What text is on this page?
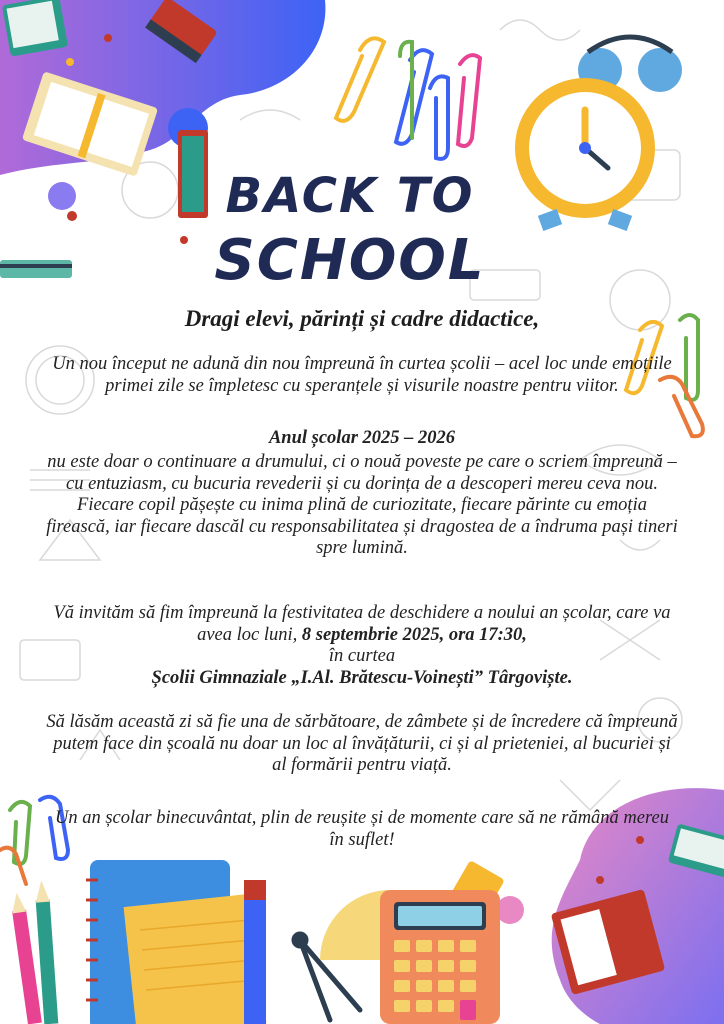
BACK TO
SCHOOL

Dragi elevi, părinți și cadre didactice,

Un nou început ne adună din nou împreună în curtea școlii – acel loc unde emoțiile primei zile se împletesc cu speranțele și visurile noastre pentru viitor.

Anul școlar 2025 – 2026

nu este doar o continuare a drumului, ci o nouă poveste pe care o scriem împreună – cu entuziasm, cu bucuria revederii și cu dorința de a descoperi mereu ceva nou. Fiecare copil pășește cu inima plină de curiozitate, fiecare părinte cu emoția firească, iar fiecare dascăl cu responsabilitatea și dragostea de a îndruma pași tineri spre lumină.

Vă invităm să fim împreună la festivitatea de deschidere a noului an școlar, care va avea loc luni, 8 septembrie 2025, ora 17:30,
în curtea
Școlii Gimnaziale „I.Al. Brătescu-Voinești” Târgoviște.

Să lăsăm această zi să fie una de sărbătoare, de zâmbete și de încredere că împreună putem face din școală nu doar un loc al învățăturii, ci și al prieteniei, al bucuriei și al formării pentru viață.

Un an școlar binecuvântat, plin de reușite și de momente care să ne rămână mereu în suflet!
